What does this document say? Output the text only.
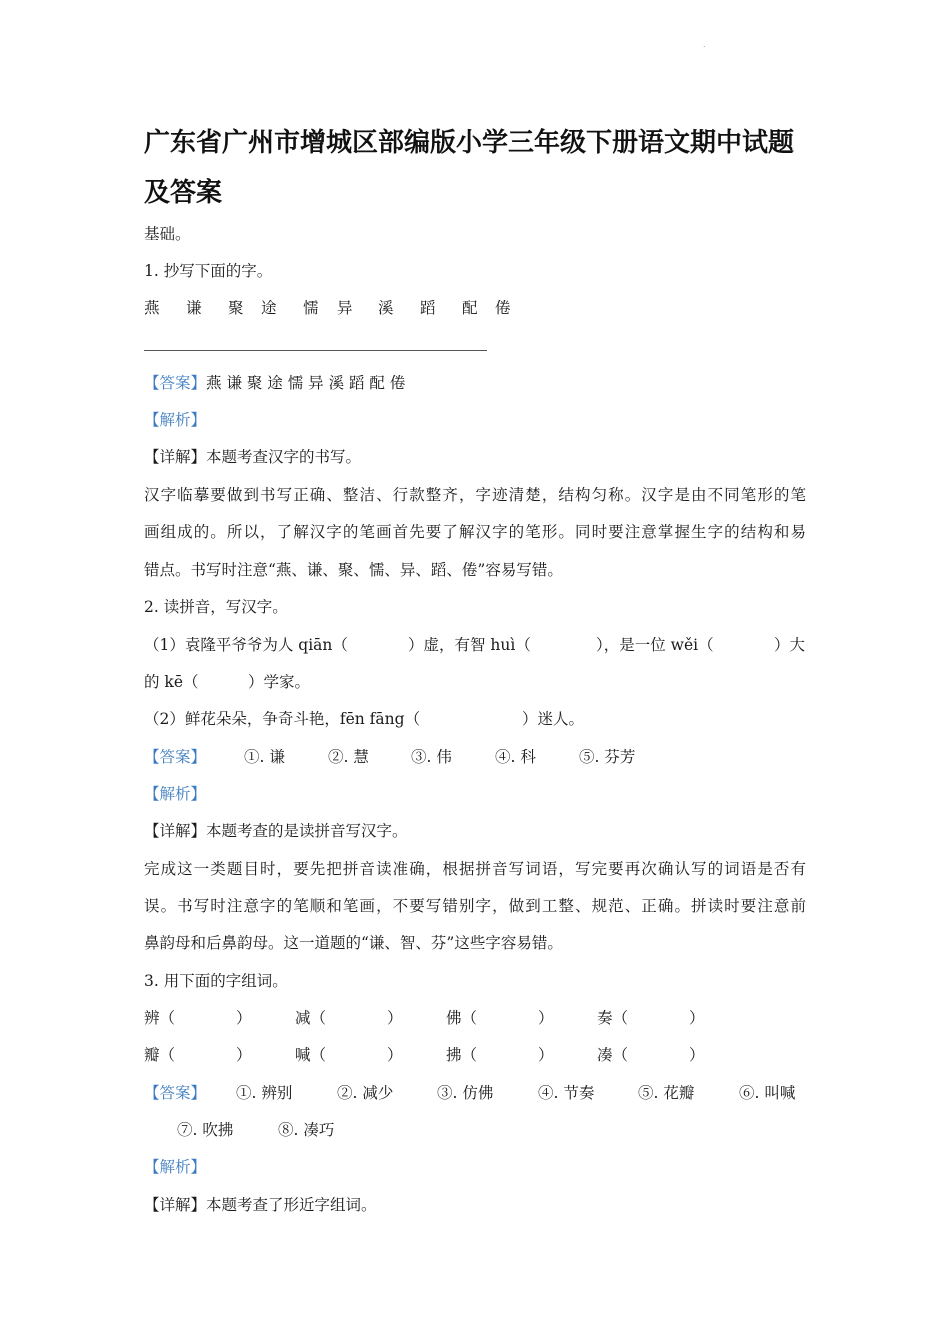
.
广东省广州市增城区部编版小学三年级下册语文期中试题
及答案
基础。
1. 抄写下面的字。
燕 谦 聚 途 懦 异 溪 蹈 配 倦
【答案】燕 谦 聚 途 懦 异 溪 蹈 配 倦
【解析】
【详解】本题考查汉字的书写。
汉字临摹要做到书写正确、整洁、行款整齐，字迹清楚，结构匀称。汉字是由不同笔形的笔
画组成的。所以，了解汉字的笔画首先要了解汉字的笔形。同时要注意掌握生字的结构和易
错点。书写时注意“燕、谦、聚、懦、异、蹈、倦”容易写错。
2. 读拼音，写汉字。
（1）袁隆平爷爷为人 qiān（	）虚，有智 huì（	），是一位 wěi（	）大
的 kē（	）学家。
（2）鲜花朵朵，争奇斗艳，fēn fāng（	）迷人。
【答案】 ①. 谦	②. 慧	③. 伟	④. 科	⑤. 芬芳
【解析】
【详解】本题考查的是读拼音写汉字。
完成这一类题目时，要先把拼音读准确，根据拼音写词语，写完要再次确认写的词语是否有
误。书写时注意字的笔顺和笔画，不要写错别字，做到工整、规范、正确。拼读时要注意前
鼻韵母和后鼻韵母。这一道题的“谦、智、芬”这些字容易错。
3. 用下面的字组词。
辨（	）	减（	）	佛（	）	奏（	）
瓣（	）	喊（	）	拂（	）	凑（	）
【答案】 ①. 辨别	②. 减少	③. 仿佛	④. 节奏	⑤. 花瓣	⑥. 叫喊
⑦. 吹拂	⑧. 凑巧
【解析】
【详解】本题考查了形近字组词。
